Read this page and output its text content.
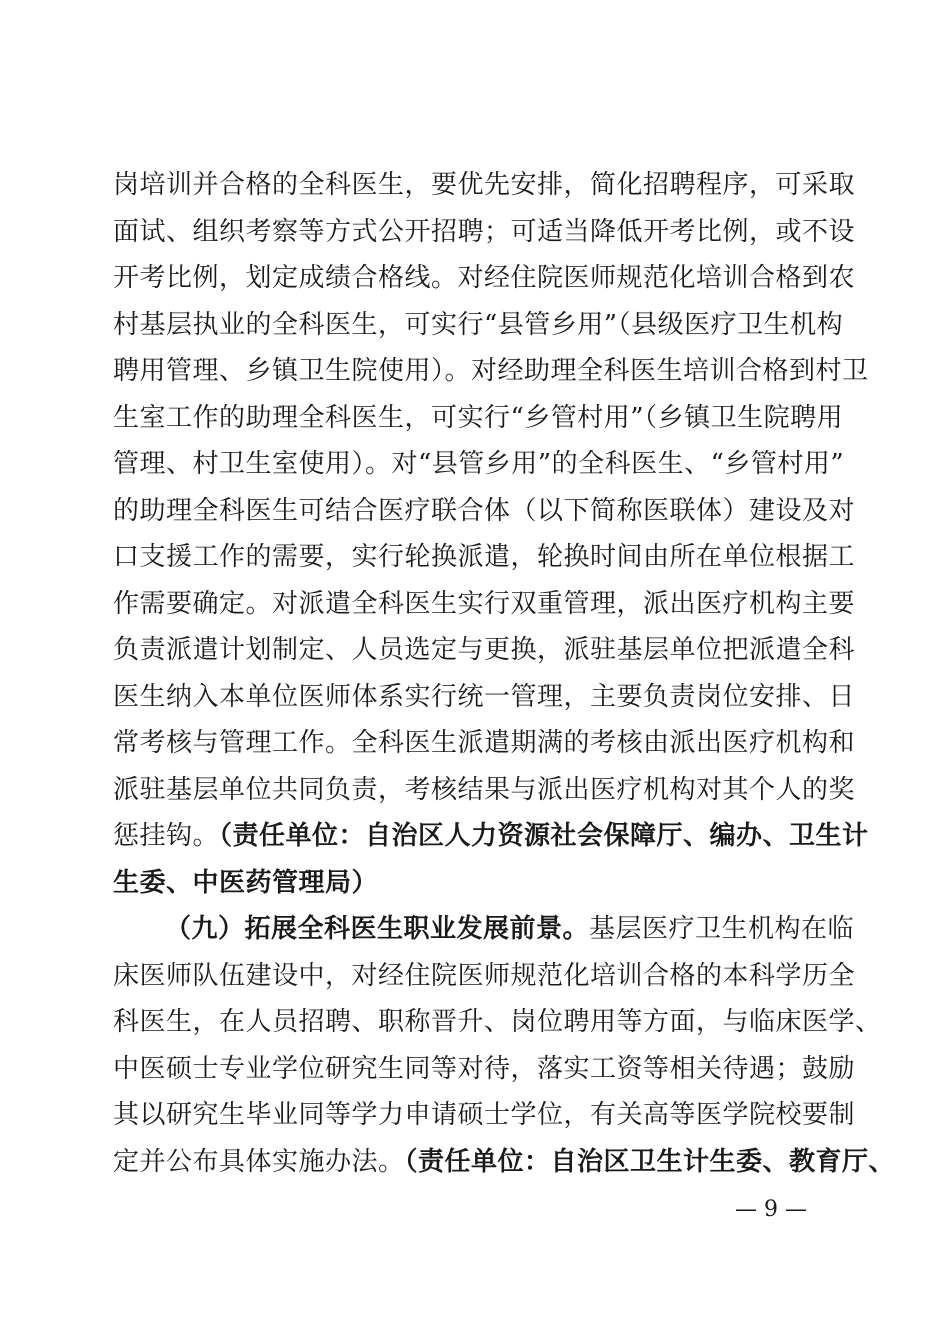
岗培训并合格的全科医生，要优先安排，简化招聘程序，可采取
面试、组织考察等方式公开招聘；可适当降低开考比例，或不设
开考比例，划定成绩合格线。对经住院医师规范化培训合格到农
村基层执业的全科医生，可实行“县管乡用”（县级医疗卫生机构
聘用管理、乡镇卫生院使用）。对经助理全科医生培训合格到村卫
生室工作的助理全科医生，可实行“乡管村用”（乡镇卫生院聘用
管理、村卫生室使用）。对“县管乡用”的全科医生、“乡管村用”
的助理全科医生可结合医疗联合体（以下简称医联体）建设及对
口支援工作的需要，实行轮换派遣，轮换时间由所在单位根据工
作需要确定。对派遣全科医生实行双重管理，派出医疗机构主要
负责派遣计划制定、人员选定与更换，派驻基层单位把派遣全科
医生纳入本单位医师体系实行统一管理，主要负责岗位安排、日
常考核与管理工作。全科医生派遣期满的考核由派出医疗机构和
派驻基层单位共同负责，考核结果与派出医疗机构对其个人的奖
惩挂钩。（责任单位：自治区人力资源社会保障厅、编办、卫生计
生委、中医药管理局）
（九）拓展全科医生职业发展前景。基层医疗卫生机构在临
床医师队伍建设中，对经住院医师规范化培训合格的本科学历全
科医生，在人员招聘、职称晋升、岗位聘用等方面，与临床医学、
中医硕士专业学位研究生同等对待，落实工资等相关待遇；鼓励
其以研究生毕业同等学力申请硕士学位，有关高等医学院校要制
定并公布具体实施办法。（责任单位：自治区卫生计生委、教育厅、
— 9 —
